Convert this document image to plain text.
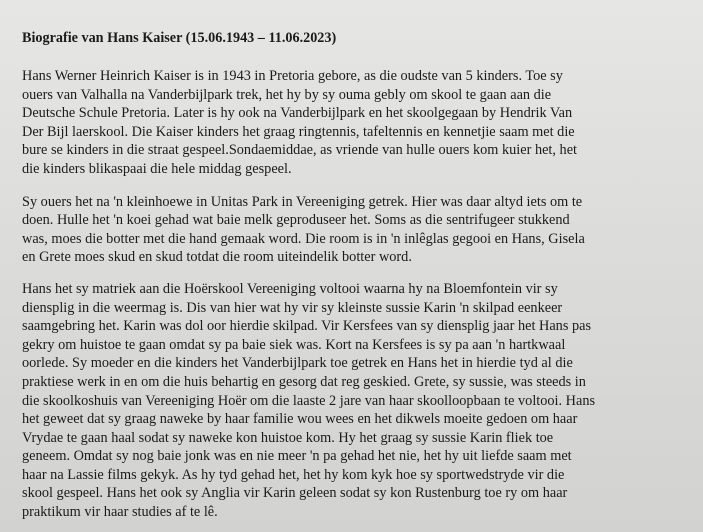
Biografie van Hans Kaiser (15.06.1943 – 11.06.2023)

Hans Werner Heinrich Kaiser is in 1943 in Pretoria gebore, as die oudste van 5 kinders. Toe sy
ouers van Valhalla na Vanderbijlpark trek, het hy by sy ouma gebly om skool te gaan aan die
Deutsche Schule Pretoria. Later is hy ook na Vanderbijlpark en het skoolgegaan by Hendrik Van
Der Bijl laerskool. Die Kaiser kinders het graag ringtennis, tafeltennis en kennetjie saam met die
bure se kinders in die straat gespeel.Sondaemiddae, as vriende van hulle ouers kom kuier het, het
die kinders blikaspaai die hele middag gespeel.

Sy ouers het na 'n kleinhoewe in Unitas Park in Vereeniging getrek. Hier was daar altyd iets om te
doen. Hulle het 'n koei gehad wat baie melk geproduseer het. Soms as die sentrifugeer stukkend
was, moes die botter met die hand gemaak word. Die room is in 'n inlêglas gegooi en Hans, Gisela
en Grete moes skud en skud totdat die room uiteindelik botter word.

Hans het sy matriek aan die Hoërskool Vereeniging voltooi waarna hy na Bloemfontein vir sy
diensplig in die weermag is. Dis van hier wat hy vir sy kleinste sussie Karin 'n skilpad eenkeer
saamgebring het. Karin was dol oor hierdie skilpad. Vir Kersfees van sy diensplig jaar het Hans pas
gekry om huistoe te gaan omdat sy pa baie siek was. Kort na Kersfees is sy pa aan 'n hartkwaal
oorlede. Sy moeder en die kinders het Vanderbijlpark toe getrek en Hans het in hierdie tyd al die
praktiese werk in en om die huis behartig en gesorg dat reg geskied. Grete, sy sussie, was steeds in
die skoolkoshuis van Vereeniging Hoër om die laaste 2 jare van haar skoolloopbaan te voltooi. Hans
het geweet dat sy graag naweke by haar familie wou wees en het dikwels moeite gedoen om haar
Vrydae te gaan haal sodat sy naweke kon huistoe kom. Hy het graag sy sussie Karin fliek toe
geneem. Omdat sy nog baie jonk was en nie meer 'n pa gehad het nie, het hy uit liefde saam met
haar na Lassie films gekyk. As hy tyd gehad het, het hy kom kyk hoe sy sportwedstryde vir die
skool gespeel. Hans het ook sy Anglia vir Karin geleen sodat sy kon Rustenburg toe ry om haar
praktikum vir haar studies af te lê.
